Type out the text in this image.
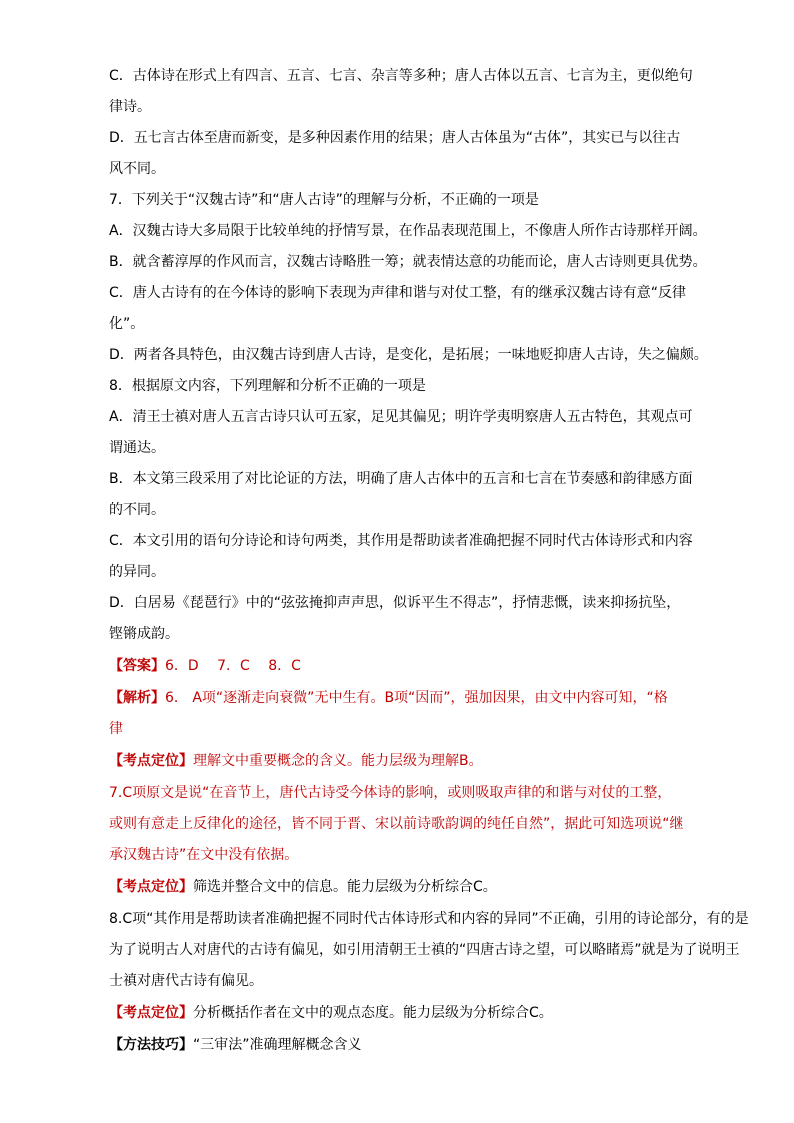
C．古体诗在形式上有四言、五言、七言、杂言等多种；唐人古体以五言、七言为主，更似绝句
律诗。
D．五七言古体至唐而新变，是多种因素作用的结果；唐人古体虽为“古体”，其实已与以往古
风不同。
7．下列关于“汉魏古诗”和“唐人古诗”的理解与分析，不正确的一项是
A．汉魏古诗大多局限于比较单纯的抒情写景，在作品表现范围上，不像唐人所作古诗那样开阔。
B．就含蓄淳厚的作风而言，汉魏古诗略胜一筹；就表情达意的功能而论，唐人古诗则更具优势。
C．唐人古诗有的在今体诗的影响下表现为声律和谐与对仗工整，有的继承汉魏古诗有意“反律
化”。
D．两者各具特色，由汉魏古诗到唐人古诗，是变化，是拓展；一味地贬抑唐人古诗，失之偏颇。
8．根据原文内容，下列理解和分析不正确的一项是
A．清王士禛对唐人五言古诗只认可五家，足见其偏见；明许学夷明察唐人五古特色，其观点可
谓通达。
B．本文第三段采用了对比论证的方法，明确了唐人古体中的五言和七言在节奏感和韵律感方面
的不同。
C．本文引用的语句分诗论和诗句两类，其作用是帮助读者准确把握不同时代古体诗形式和内容
的异同。
D．白居易《琵琶行》中的“弦弦掩抑声声思，似诉平生不得志”，抒情悲慨，读来抑扬抗坠，
铿锵成韵。
【答案】6．D　 7．C　 8．C
【解析】6． A项“逐渐走向衰微”无中生有。B项“因而”，强加因果，由文中内容可知，“格
律
【考点定位】理解文中重要概念的含义。能力层级为理解B。
7.C项原文是说“在音节上，唐代古诗受今体诗的影响，或则吸取声律的和谐与对仗的工整，
或则有意走上反律化的途径，皆不同于晋、宋以前诗歌韵调的纯任自然”，据此可知选项说“继
承汉魏古诗”在文中没有依据。
【考点定位】筛选并整合文中的信息。能力层级为分析综合C。
8.C项“其作用是帮助读者准确把握不同时代古体诗形式和内容的异同”不正确，引用的诗论部分，有的是
为了说明古人对唐代的古诗有偏见，如引用清朝王士禛的“四唐古诗之望，可以略睹焉”就是为了说明王
士禛对唐代古诗有偏见。
【考点定位】分析概括作者在文中的观点态度。能力层级为分析综合C。
【方法技巧】“三审法”准确理解概念含义
